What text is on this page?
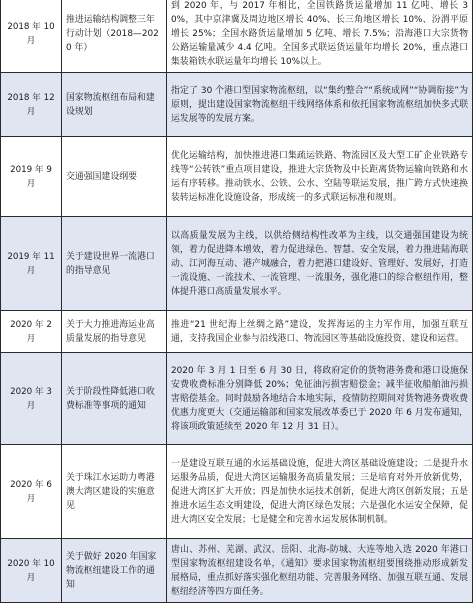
2018 年 10 月	推进运输结构调整三年行动计划（2018—2020 年）	到 2020 年，与 2017 年相比，全国铁路货运量增加 11 亿吨、增长 30%，其中京津冀及周边地区增长 40%、长三角地区增长 10%、汾渭平原增长 25%；全国水路货运量增加 5 亿吨、增长 7.5%；沿海港口大宗货物公路运输量减少 4.4 亿吨。全国多式联运货运量年均增长 20%，重点港口集装箱铁水联运量年均增长 10%以上。
2018 年 12 月	国家物流枢纽布局和建设规划	指定了 30 个港口型国家物流枢纽，以“集约整合”“系统成网”“协调衔接”为原则，提出建设国家物流枢纽干线网络体系和依托国家物流枢纽加快多式联运发展等的发展方案。
2019 年 9 月	交通强国建设纲要	优化运输结构，加快推进港口集疏运铁路、物流园区及大型工矿企业铁路专线等“公转铁”重点项目建设，推进大宗货物及中长距离货物运输向铁路和水运有序转移。推动铁水、公铁、公水、空陆等联运发展，推广跨方式快速换装转运标准化设施设备，形成统一的多式联运标准和规则。
2019 年 11 月	关于建设世界一流港口的指导意见	以高质量发展为主线，以供给侧结构性改革为主线，以交通强国建设为统领，着力促进降本增效，着力促进绿色、智慧、安全发展，着力推进陆海联动、江河海互动、港产城融合，着力把港口建设好、管理好、发展好，打造一流设施、一流技术、一流管理、一流服务，强化港口的综合枢纽作用，整体提升港口高质量发展水平。
2020 年 2 月	关于大力推进海运业高质量发展的指导意见	推进“21 世纪海上丝绸之路”建设，发挥海运的主力军作用，加强互联互通，支持我国企业参与沿线港口、物流园区等基础设施投资、建设和运营。
2020 年 3 月	关于阶段性降低港口收费标准等事项的通知	2020 年 3 月 1 日至 6 月 30 日，将政府定价的货物港务费和港口设施保安费收费标准分别降低 20%；免征油污损害赔偿金；减半征收船舶油污损害赔偿基金。同时鼓励各地结合本地实际，疫情防控期间对货物港务费收费优惠力度更大（交通运输部和国家发展改革委已于 2020 年 6 月发布通知，将该项政策延续至 2020 年 12 月 31 日）。
2020 年 6 月	关于珠江水运助力粤港澳大湾区建设的实施意见	一是建设互联互通的水运基础设施，促进大湾区基础设施建设；二是提升水运服务品质，促进大湾区运输服务高质量发展；三是培育对外开放新优势，促进大湾区扩大开放；四是加快水运技术创新，促进大湾区创新发展；五是推进水运生态文明建设，促进大湾区绿色发展；六是强化水运安全保障，促进大湾区安全发展；七是健全和完善水运发展体制机制。
2020 年 10 月	关于做好 2020 年国家物流枢纽建设工作的通知	唐山、苏州、芜湖、武汉、岳阳、北海-防城、大连等地入选 2020 年港口型国家物流枢纽建设名单，《通知》要求国家物流枢纽要围绕推动形成新发展格局，重点抓好落实强化枢纽功能、完善服务网络、加强互联互通、发展枢纽经济等四方面任务。
